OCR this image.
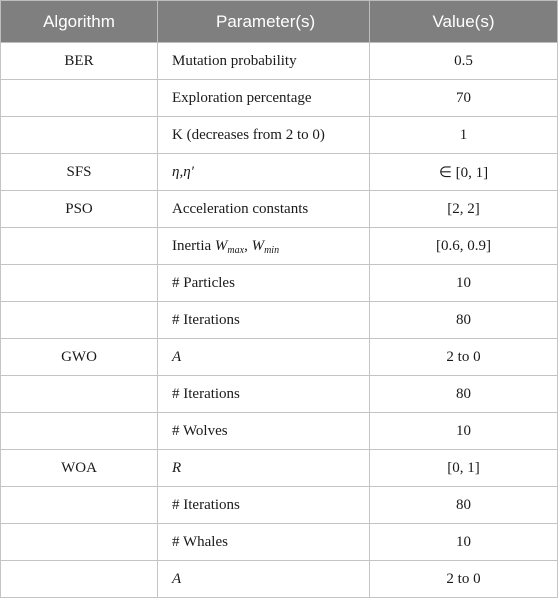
Algorithm	Parameter(s)	Value(s)
BER	Mutation probability	0.5
	Exploration percentage	70
	K (decreases from 2 to 0)	1
SFS	η,η′	∈ [0, 1]
PSO	Acceleration constants	[2, 2]
	Inertia $W_{max}$, $W_{min}$	[0.6, 0.9]
	# Particles	10
	# Iterations	80
GWO	A	2 to 0
	# Iterations	80
	# Wolves	10
WOA	R	[0, 1]
	# Iterations	80
	# Whales	10
	A	2 to 0
